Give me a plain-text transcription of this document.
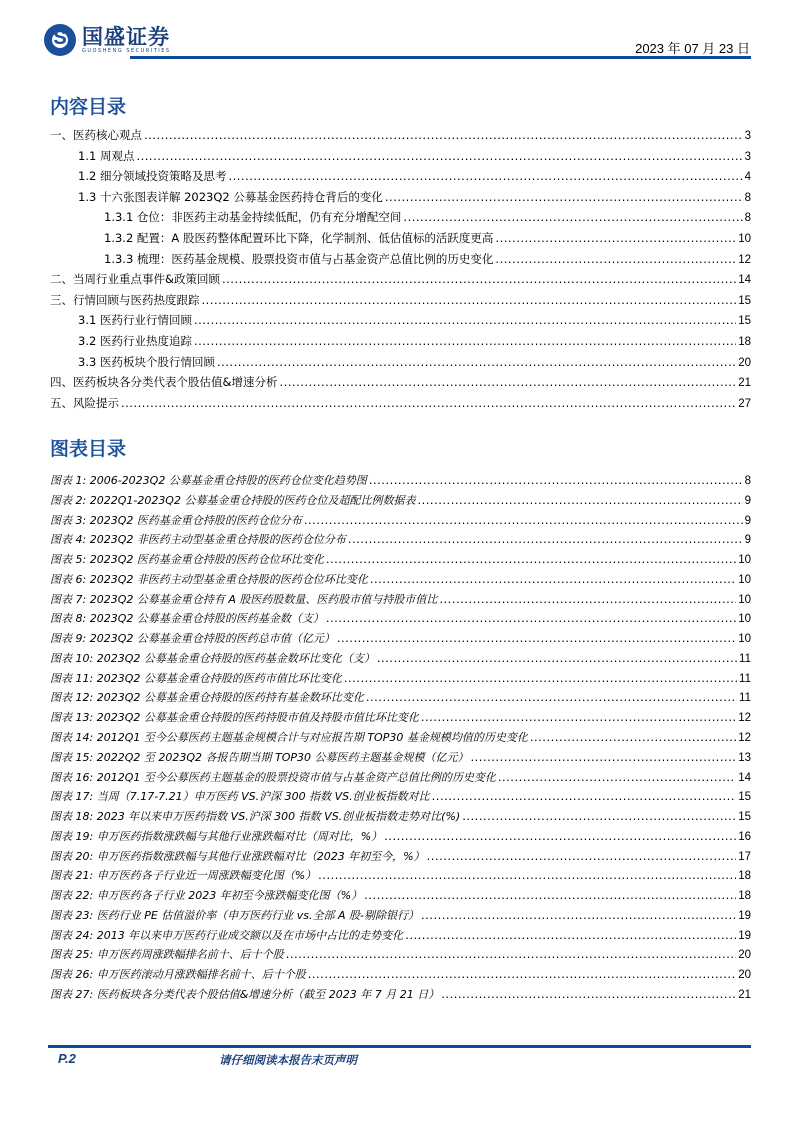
S
国盛证券
GUOSHENG SECURITIES	2023 年 07 月 23 日
内容目录
一、医药核心观点 .....	3
1.1 周观点 .....	3
1.2 细分领域投资策略及思考 .....	4
1.3 十六张图表详解 2023Q2 公募基金医药持仓背后的变化 .....	8
1.3.1 仓位：非医药主动基金持续低配，仍有充分增配空间 .....	8
1.3.2 配置：A 股医药整体配置环比下降，化学制剂、低估值标的活跃度更高 .....	10
1.3.3 梳理：医药基金规模、股票投资市值与占基金资产总值比例的历史变化 .....	12
二、当周行业重点事件&政策回顾 .....	14
三、行情回顾与医药热度跟踪 .....	15
3.1 医药行业行情回顾 .....	15
3.2 医药行业热度追踪 .....	18
3.3 医药板块个股行情回顾 .....	20
四、医药板块各分类代表个股估值&增速分析 .....	21
五、风险提示 .....	27
图表目录
图表 1: 2006-2023Q2 公募基金重仓持股的医药仓位变化趋势图 .....	8
图表 2: 2022Q1-2023Q2 公募基金重仓持股的医药仓位及超配比例数据表 .....	9
图表 3: 2023Q2 医药基金重仓持股的医药仓位分布 .....	9
图表 4: 2023Q2 非医药主动型基金重仓持股的医药仓位分布 .....	9
图表 5: 2023Q2 医药基金重仓持股的医药仓位环比变化 .....	10
图表 6: 2023Q2 非医药主动型基金重仓持股的医药仓位环比变化 .....	10
图表 7: 2023Q2 公募基金重仓持有 A 股医药股数量、医药股市值与持股市值比 .....	10
图表 8: 2023Q2 公募基金重仓持股的医药基金数（支） .....	10
图表 9: 2023Q2 公募基金重仓持股的医药总市值（亿元） .....	10
图表 10: 2023Q2 公募基金重仓持股的医药基金数环比变化（支） .....	11
图表 11: 2023Q2 公募基金重仓持股的医药市值比环比变化 .....	11
图表 12: 2023Q2 公募基金重仓持股的医药持有基金数环比变化 .....	11
图表 13: 2023Q2 公募基金重仓持股的医药持股市值及持股市值比环比变化 .....	12
图表 14: 2012Q1 至今公募医药主题基金规模合计与对应报告期 TOP30 基金规模均值的历史变化 .....	12
图表 15: 2022Q2 至 2023Q2 各报告期当期 TOP30 公募医药主题基金规模（亿元） .....	13
图表 16: 2012Q1 至今公募医药主题基金的股票投资市值与占基金资产总值比例的历史变化 .....	14
图表 17: 当周（7.17-7.21）申万医药 VS.沪深 300 指数 VS.创业板指数对比 .....	15
图表 18: 2023 年以来申万医药指数 VS.沪深 300 指数 VS.创业板指数走势对比(%) .....	15
图表 19: 申万医药指数涨跌幅与其他行业涨跌幅对比（周对比，%） .....	16
图表 20: 申万医药指数涨跌幅与其他行业涨跌幅对比（2023 年初至今，%） .....	17
图表 21: 申万医药各子行业近一周涨跌幅变化图（%） .....	18
图表 22: 申万医药各子行业 2023 年初至今涨跌幅变化图（%） .....	18
图表 23: 医药行业 PE 估值溢价率（申万医药行业 vs.全部 A 股-剔除银行） .....	19
图表 24: 2013 年以来申万医药行业成交额以及在市场中占比的走势变化 .....	19
图表 25: 申万医药周涨跌幅排名前十、后十个股 .....	20
图表 26: 申万医药滚动月涨跌幅排名前十、后十个股 .....	20
图表 27: 医药板块各分类代表个股估值&增速分析（截至 2023 年 7 月 21 日） .....	21
P.2	请仔细阅读本报告末页声明
